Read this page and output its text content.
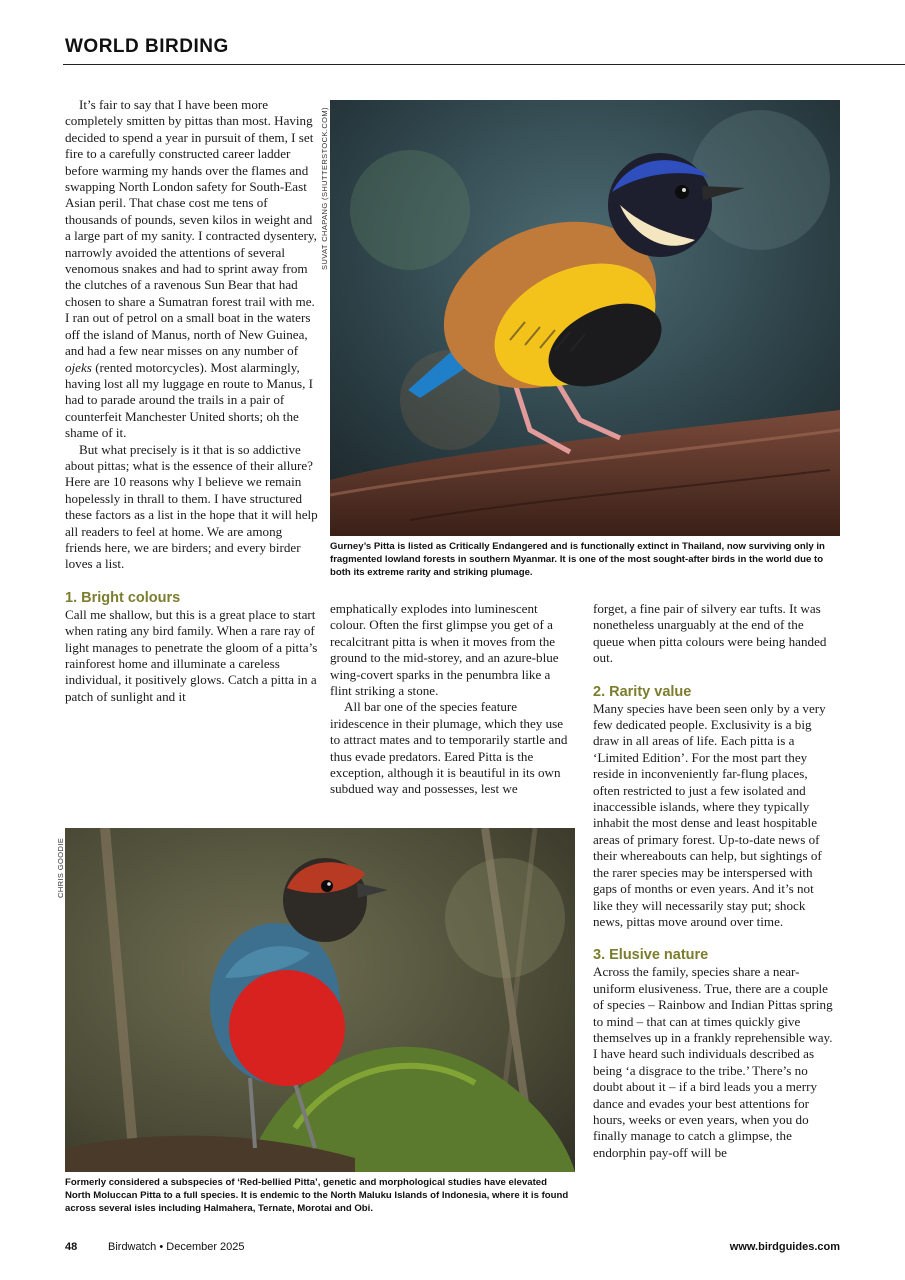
WORLD BIRDING

It’s fair to say that I have been more completely smitten by pittas than most. Having decided to spend a year in pursuit of them, I set fire to a carefully constructed career ladder before warming my hands over the flames and swapping North London safety for South-East Asian peril. That chase cost me tens of thousands of pounds, seven kilos in weight and a large part of my sanity. I contracted dysentery, narrowly avoided the attentions of several venomous snakes and had to sprint away from the clutches of a ravenous Sun Bear that had chosen to share a Sumatran forest trail with me. I ran out of petrol on a small boat in the waters off the island of Manus, north of New Guinea, and had a few near misses on any number of ojeks (rented motorcycles). Most alarmingly, having lost all my luggage en route to Manus, I had to parade around the trails in a pair of counterfeit Manchester United shorts; oh the shame of it.

But what precisely is it that is so addictive about pittas; what is the essence of their allure? Here are 10 reasons why I believe we remain hopelessly in thrall to them. I have structured these factors as a list in the hope that it will help all readers to feel at home. We are among friends here, we are birders; and every birder loves a list.

1. Bright colours

Call me shallow, but this is a great place to start when rating any bird family. When a rare ray of light manages to penetrate the gloom of a pitta’s rainforest home and illuminate a careless individual, it positively glows. Catch a pitta in a patch of sunlight and it

SUVAT CHAPANG (SHUTTERSTOCK.COM)
Gurney’s Pitta is listed as Critically Endangered and is functionally extinct in Thailand, now surviving only in fragmented lowland forests in southern Myanmar. It is one of the most sought-after birds in the world due to both its extreme rarity and striking plumage.

emphatically explodes into luminescent colour. Often the first glimpse you get of a recalcitrant pitta is when it moves from the ground to the mid-storey, and an azure-blue wing-covert sparks in the penumbra like a flint striking a stone.

All bar one of the species feature iridescence in their plumage, which they use to attract mates and to temporarily startle and thus evade predators. Eared Pitta is the exception, although it is beautiful in its own subdued way and possesses, lest we

forget, a fine pair of silvery ear tufts. It was nonetheless unarguably at the end of the queue when pitta colours were being handed out.

2. Rarity value

Many species have been seen only by a very few dedicated people. Exclusivity is a big draw in all areas of life. Each pitta is a ‘Limited Edition’. For the most part they reside in inconveniently far-flung places, often restricted to just a few isolated and inaccessible islands, where they typically inhabit the most dense and least hospitable areas of primary forest. Up-to-date news of their whereabouts can help, but sightings of the rarer species may be interspersed with gaps of months or even years. And it’s not like they will necessarily stay put; shock news, pittas move around over time.

3. Elusive nature

Across the family, species share a near-uniform elusiveness. True, there are a couple of species – Rainbow and Indian Pittas spring to mind – that can at times quickly give themselves up in a frankly reprehensible way. I have heard such individuals described as being ‘a disgrace to the tribe.’ There’s no doubt about it – if a bird leads you a merry dance and evades your best attentions for hours, weeks or even years, when you do finally manage to catch a glimpse, the endorphin pay-off will be

CHRIS GOODIE
Formerly considered a subspecies of ‘Red-bellied Pitta’, genetic and morphological studies have elevated North Moluccan Pitta to a full species. It is endemic to the North Maluku Islands of Indonesia, where it is found across several isles including Halmahera, Ternate, Morotai and Obi.
48	Birdwatch • December 2025	www.birdguides.com
